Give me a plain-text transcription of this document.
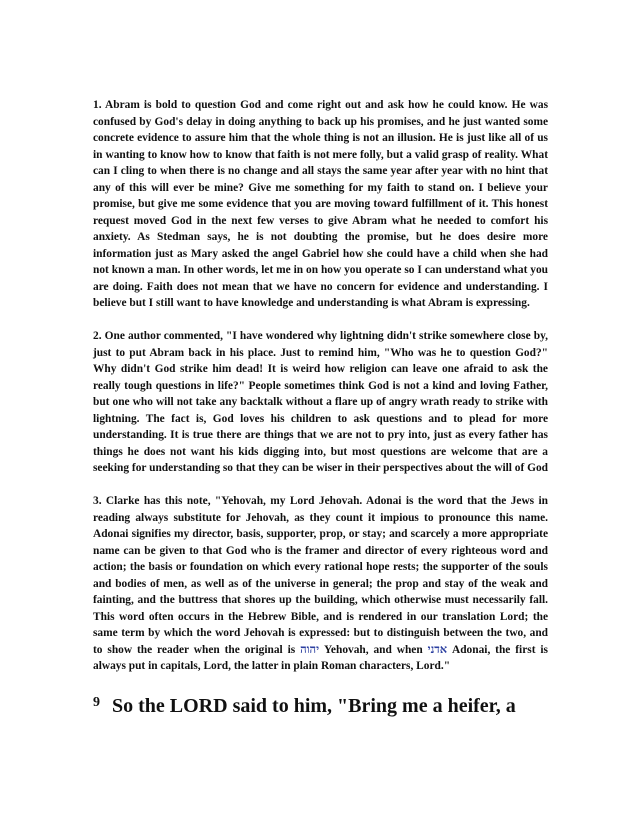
1. Abram is bold to question God and come right out and ask how he could know. He was confused by God's delay in doing anything to back up his promises, and he just wanted some concrete evidence to assure him that the whole thing is not an illusion. He is just like all of us in wanting to know how to know that faith is not mere folly, but a valid grasp of reality. What can I cling to when there is no change and all stays the same year after year with no hint that any of this will ever be mine? Give me something for my faith to stand on. I believe your promise, but give me some evidence that you are moving toward fulfillment of it. This honest request moved God in the next few verses to give Abram what he needed to comfort his anxiety. As Stedman says, he is not doubting the promise, but he does desire more information just as Mary asked the angel Gabriel how she could have a child when she had not known a man. In other words, let me in on how you operate so I can understand what you are doing. Faith does not mean that we have no concern for evidence and understanding. I believe but I still want to have knowledge and understanding is what Abram is expressing.

2. One author commented, "I have wondered why lightning didn't strike somewhere close by, just to put Abram back in his place. Just to remind him, "Who was he to question God?" Why didn't God strike him dead! It is weird how religion can leave one afraid to ask the really tough questions in life?" People sometimes think God is not a kind and loving Father, but one who will not take any backtalk without a flare up of angry wrath ready to strike with lightning. The fact is, God loves his children to ask questions and to plead for more understanding. It is true there are things that we are not to pry into, just as every father has things he does not want his kids digging into, but most questions are welcome that are a seeking for understanding so that they can be wiser in their perspectives about the will of God

3. Clarke has this note, "Yehovah, my Lord Jehovah. Adonai is the word that the Jews in reading always substitute for Jehovah, as they count it impious to pronounce this name. Adonai signifies my director, basis, supporter, prop, or stay; and scarcely a more appropriate name can be given to that God who is the framer and director of every righteous word and action; the basis or foundation on which every rational hope rests; the supporter of the souls and bodies of men, as well as of the universe in general; the prop and stay of the weak and fainting, and the buttress that shores up the building, which otherwise must necessarily fall. This word often occurs in the Hebrew Bible, and is rendered in our translation Lord; the same term by which the word Jehovah is expressed: but to distinguish between the two, and to show the reader when the original is יהוה Yehovah, and when אדני Adonai, the first is always put in capitals, Lord, the latter in plain Roman characters, Lord."

$^9$ So the LORD said to him, "Bring me a heifer, a
